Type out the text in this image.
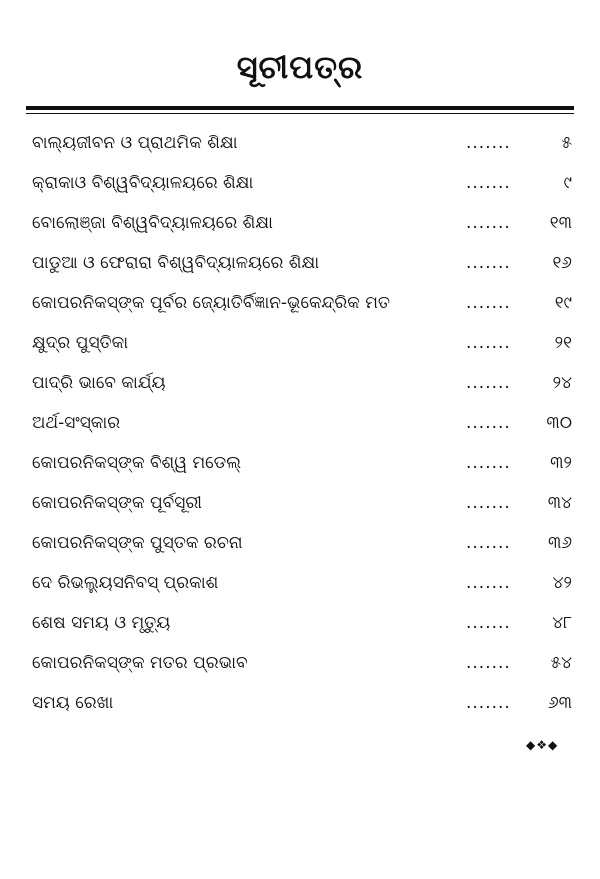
ସୂଚୀପତ୍ର
ବାଲ୍ୟଜୀବନ ଓ ପ୍ରାଥମିକ ଶିକ୍ଷା	.......	୫
କ୍ରାକାଓ ବିଶ୍ୱବିଦ୍ୟାଳୟରେ ଶିକ୍ଷା	.......	୯
ବୋଲୋଞ୍ଜା ବିଶ୍ୱବିଦ୍ୟାଳୟରେ ଶିକ୍ଷା	.......	୧୩
ପାଡୁଆ ଓ ଫେରାରା ବିଶ୍ୱବିଦ୍ୟାଳୟରେ ଶିକ୍ଷା	.......	୧୬
କୋପରନିକସ୍‌ଙ୍କ ପୂର୍ବର ଜ୍ୟୋତିର୍ବିଜ୍ଞାନ-ଭୂକେନ୍ଦ୍ରିକ ମତ	.......	୧୯
କ୍ଷୁଦ୍ର ପୁସ୍ତିକା	.......	୨୧
ପାଦ୍ରି ଭାବେ କାର୍ଯ୍ୟ	.......	୨୪
ଅର୍ଥ-ସଂସ୍କାର	.......	୩୦
କୋପରନିକସ୍‌ଙ୍କ ବିଶ୍ୱ ମଡେଲ୍	.......	୩୨
କୋପରନିକସ୍‌ଙ୍କ ପୂର୍ବସୂରୀ	.......	୩୪
କୋପରନିକସ୍‌ଙ୍କ ପୁସ୍ତକ ରଚନା	.......	୩୬
ଦେ ରିଭଲ୍ୟୁସନିବସ୍ ପ୍ରକାଶ	.......	୪୨
ଶେଷ ସମୟ ଓ ମୃତ୍ୟୁ	.......	୪୮
କୋପରନିକସ୍‌ଙ୍କ ମତର ପ୍ରଭାବ	.......	୫୪
ସମୟ ରେଖା	.......	୬୩
◆❖◆
